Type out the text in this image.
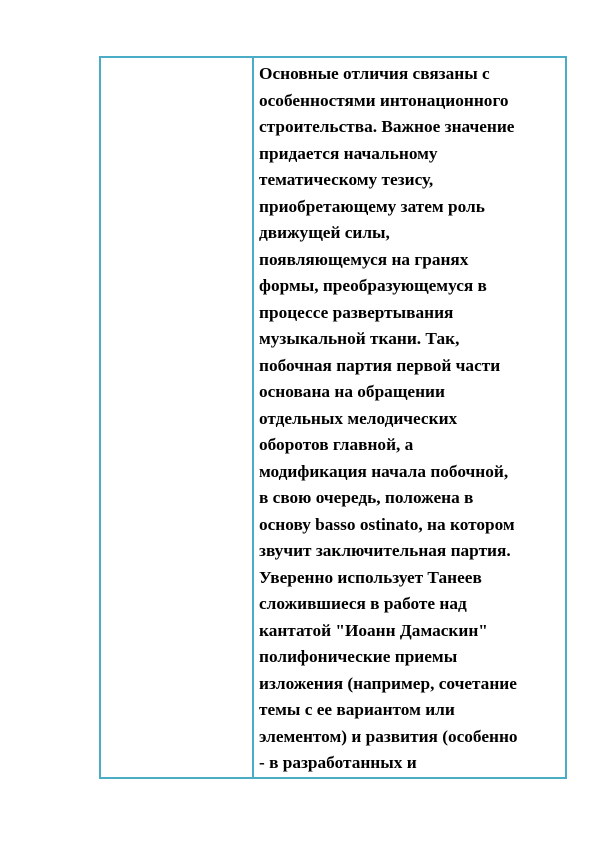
Основные отличия связаны с
особенностями интонационного
строительства. Важное значение
придается начальному
тематическому тезису,
приобретающему затем роль
движущей силы,
появляющемуся на гранях
формы, преобразующемуся в
процессе развертывания
музыкальной ткани. Так,
побочная партия первой части
основана на обращении
отдельных мелодических
оборотов главной, а
модификация начала побочной,
в свою очередь, положена в
основу basso ostinato, на котором
звучит заключительная партия.
Уверенно использует Танеев
сложившиеся в работе над
кантатой "Иоанн Дамаскин"
полифонические приемы
изложения (например, сочетание
темы с ее вариантом или
элементом) и развития (особенно
- в разработанных и
